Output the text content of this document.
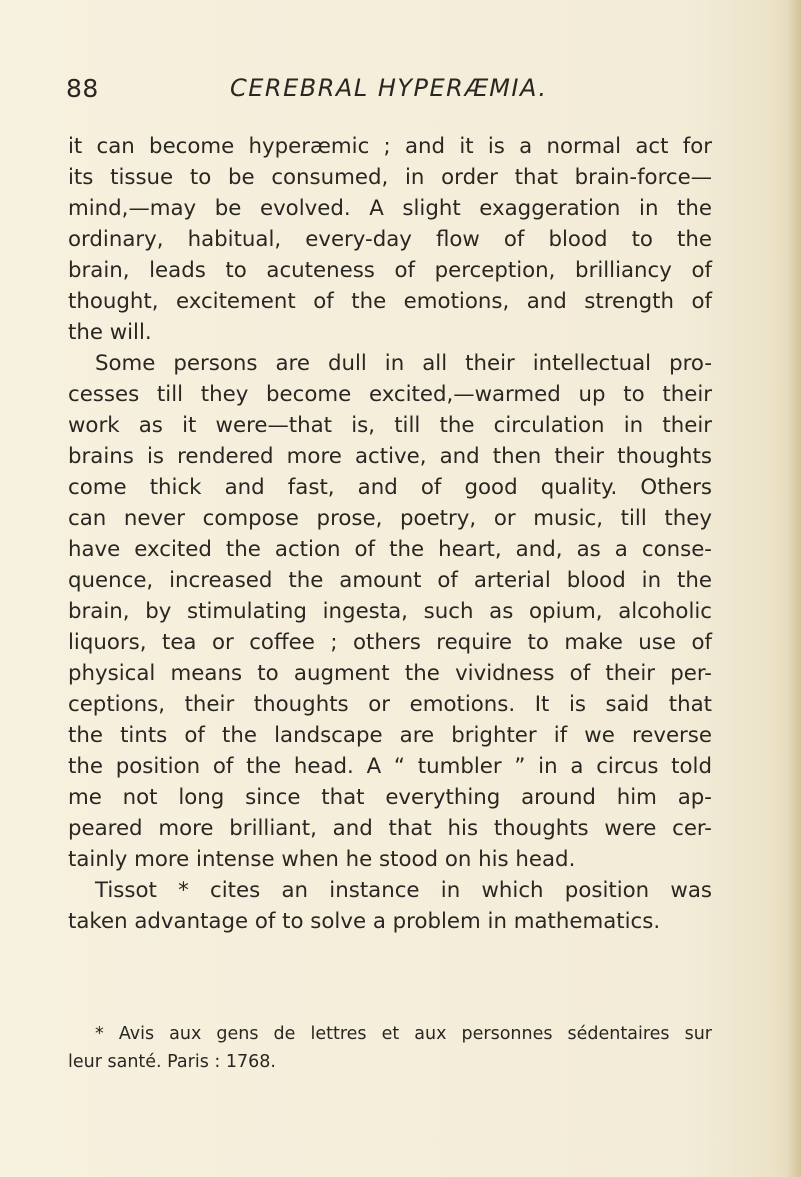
88	CEREBRAL HYPERÆMIA.
it can become hyperæmic ; and it is a normal act for
its tissue to be consumed, in order that brain-force—
mind,—may be evolved. A slight exaggeration in the
ordinary, habitual, every-day flow of blood to the
brain, leads to acuteness of perception, brilliancy of
thought, excitement of the emotions, and strength of
the will.
Some persons are dull in all their intellectual pro-
cesses till they become excited,—warmed up to their
work as it were—that is, till the circulation in their
brains is rendered more active, and then their thoughts
come thick and fast, and of good quality. Others
can never compose prose, poetry, or music, till they
have excited the action of the heart, and, as a conse-
quence, increased the amount of arterial blood in the
brain, by stimulating ingesta, such as opium, alcoholic
liquors, tea or coffee ; others require to make use of
physical means to augment the vividness of their per-
ceptions, their thoughts or emotions. It is said that
the tints of the landscape are brighter if we reverse
the position of the head. A “ tumbler ” in a circus told
me not long since that everything around him ap-
peared more brilliant, and that his thoughts were cer-
tainly more intense when he stood on his head.
Tissot * cites an instance in which position was
taken advantage of to solve a problem in mathematics.
* Avis aux gens de lettres et aux personnes sédentaires sur
leur santé. Paris : 1768.
